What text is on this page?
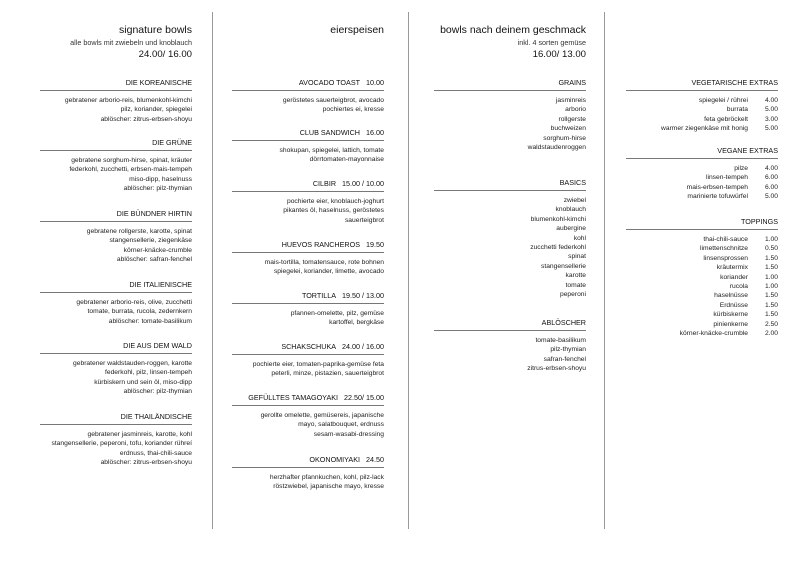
signature bowls
alle bowls mit zwiebeln und knoblauch
24.00/ 16.00
DIE KOREANISCHE
gebratener arborio-reis, blumenkohl-kimchi
pilz, koriander, spiegelei
ablöscher: zitrus-erbsen-shoyu
DIE GRÜNE
gebratene sorghum-hirse, spinat, kräuter
federkohl, zucchetti, erbsen-mais-tempeh
miso-dipp, haselnuss
ablöscher: pilz-thymian
DIE BÜNDNER HIRTIN
gebratene rollgerste, karotte, spinat
stangensellerie, ziegenkäse
körner-knäcke-crumble
ablöscher: safran-fenchel
DIE ITALIENISCHE
gebratener arborio-reis, olive, zucchetti
tomate, burrata, rucola, zedernkern
ablöscher: tomate-basilikum
DIE AUS DEM WALD
gebratener waldstauden-roggen, karotte
federkohl, pilz, linsen-tempeh
kürbiskern und sein öl, miso-dipp
ablöscher: pilz-thymian
DIE THAILÄNDISCHE
gebratener jasminreis, karotte, kohl
stangensellerie, peperoni, tofu, koriander rühreí
erdnuss, thai-chili-sauce
ablöscher: zitrus-erbsen-shoyu
eierspeisen
AVOCADO TOAST 10.00
geröstetes sauerteigbrot, avocado
pochiertes ei, kresse
CLUB SANDWICH 16.00
shokupan, spiegelei, lattich, tomate
dörrtomaten-mayonnaise
CILBIR 15.00 / 10.00
pochierte eier, knoblauch-joghurt
pikantes öl, haselnuss, geröstetes
sauerteigbrot
HUEVOS RANCHEROS 19.50
mais-tortilla, tomatensauce, rote bohnen
spiegelei, koriander, limette, avocado
TORTILLA 19.50 / 13.00
pfannen-omelette, pilz, gemüse
kartoffel, bergkäse
SCHAKSCHUKA 24.00 / 16.00
pochierte eier, tomaten-paprika-gemüse feta
peterli, minze, pistazien, sauerteigbrot
GEFÜLLTES TAMAGOYAKI 22.50/ 15.00
gerollte omelette, gemüsereis, japanische
mayo, salatbouquet, erdnuss
sesam-wasabi-dressing
OKONOMIYAKI 24.50
herzhafter pfannkuchen, kohl, pilz-lack
röstzwiebel, japanische mayo, kresse
bowls nach deinem geschmack
inkl. 4 sorten gemüse
16.00/ 13.00
GRAINS
jasminreis
arborio
rollgerste
buchweizen
sorghum-hirse
waldstaudenroggen
BASICS
zwiebel
knoblauch
blumenkohl-kimchi
aubergine
kohl
zucchetti federkohl
spinat
stangensellerie
karotte
tomate
peperoni
ABLÖSCHER
tomate-basilikum
pilz-thymian
safran-fenchel
zitrus-erbsen-shoyu
VEGETARISCHE EXTRAS
spiegelei / rührei	4.00
burrata	5.00
feta gebröckelt	3.00
warmer ziegenkäse mit honig	5.00
VEGANE EXTRAS
pilze	4.00
linsen-tempeh	6.00
mais-erbsen-tempeh	6.00
marinierte tofuwürfel	5.00
TOPPINGS
thai-chili-sauce	1.00
limettenschnitze	0.50
linsensprossen	1.50
kräutermix	1.50
koriander	1.00
rucola	1.00
haselnüsse	1.50
Erdnüsse	1.50
kürbiskerne	1.50
pinienkerne	2.50
körner-knäcke-crumble	2.00
